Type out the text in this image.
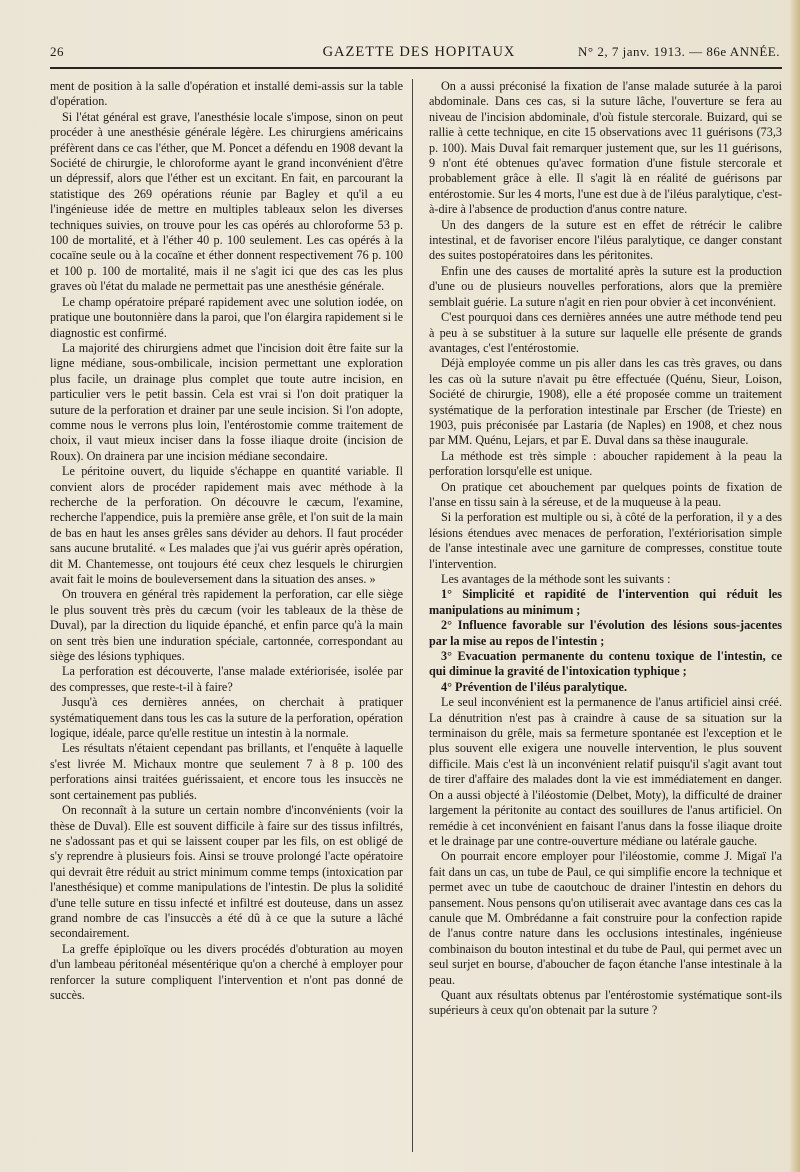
26	GAZETTE DES HOPITAUX	N° 2, 7 janv. 1913. — 86e ANNÉE.

ment de position à la salle d'opération et installé demi-assis sur la table d'opération.

Si l'état général est grave, l'anesthésie locale s'impose, sinon on peut procéder à une anesthésie générale légère. Les chirurgiens américains préfèrent dans ce cas l'éther, que M. Poncet a défendu en 1908 devant la Société de chirurgie, le chloroforme ayant le grand inconvénient d'être un dépressif, alors que l'éther est un excitant. En fait, en parcourant la statistique des 269 opérations réunie par Bagley et qu'il a eu l'ingénieuse idée de mettre en multiples tableaux selon les diverses techniques suivies, on trouve pour les cas opérés au chloroforme 53 p. 100 de mortalité, et à l'éther 40 p. 100 seulement. Les cas opérés à la cocaïne seule ou à la cocaïne et éther donnent respectivement 76 p. 100 et 100 p. 100 de mortalité, mais il ne s'agit ici que des cas les plus graves où l'état du malade ne permettait pas une anesthésie générale.

Le champ opératoire préparé rapidement avec une solution iodée, on pratique une boutonnière dans la paroi, que l'on élargira rapidement si le diagnostic est confirmé.

La majorité des chirurgiens admet que l'incision doit être faite sur la ligne médiane, sous-ombilicale, incision permettant une exploration plus facile, un drainage plus complet que toute autre incision, en particulier vers le petit bassin. Cela est vrai si l'on doit pratiquer la suture de la perforation et drainer par une seule incision. Si l'on adopte, comme nous le verrons plus loin, l'entérostomie comme traitement de choix, il vaut mieux inciser dans la fosse iliaque droite (incision de Roux). On drainera par une incision médiane secondaire.

Le péritoine ouvert, du liquide s'échappe en quantité variable. Il convient alors de procéder rapidement mais avec méthode à la recherche de la perforation. On découvre le cæcum, l'examine, recherche l'appendice, puis la première anse grêle, et l'on suit de la main de bas en haut les anses grêles sans dévider au dehors. Il faut procéder sans aucune brutalité. « Les malades que j'ai vus guérir après opération, dit M. Chantemesse, ont toujours été ceux chez lesquels le chirurgien avait fait le moins de bouleversement dans la situation des anses. »

On trouvera en général très rapidement la perforation, car elle siège le plus souvent très près du cæcum (voir les tableaux de la thèse de Duval), par la direction du liquide épanché, et enfin parce qu'à la main on sent très bien une induration spéciale, cartonnée, correspondant au siège des lésions typhiques.

La perforation est découverte, l'anse malade extériorisée, isolée par des compresses, que reste-t-il à faire?

Jusqu'à ces dernières années, on cherchait à pratiquer systématiquement dans tous les cas la suture de la perforation, opération logique, idéale, parce qu'elle restitue un intestin à la normale.

Les résultats n'étaient cependant pas brillants, et l'enquête à laquelle s'est livrée M. Michaux montre que seulement 7 à 8 p. 100 des perforations ainsi traitées guérissaient, et encore tous les insuccès ne sont certainement pas publiés.

On reconnaît à la suture un certain nombre d'inconvénients (voir la thèse de Duval). Elle est souvent difficile à faire sur des tissus infiltrés, ne s'adossant pas et qui se laissent couper par les fils, on est obligé de s'y reprendre à plusieurs fois. Ainsi se trouve prolongé l'acte opératoire qui devrait être réduit au strict minimum comme temps (intoxication par l'anesthésique) et comme manipulations de l'intestin. De plus la solidité d'une telle suture en tissu infecté et infiltré est douteuse, dans un assez grand nombre de cas l'insuccès a été dû à ce que la suture a lâché secondairement.

La greffe épiploïque ou les divers procédés d'obturation au moyen d'un lambeau péritonéal mésentérique qu'on a cherché à employer pour renforcer la suture compliquent l'intervention et n'ont pas donné de succès.

On a aussi préconisé la fixation de l'anse malade suturée à la paroi abdominale. Dans ces cas, si la suture lâche, l'ouverture se fera au niveau de l'incision abdominale, d'où fistule stercorale. Buizard, qui se rallie à cette technique, en cite 15 observations avec 11 guérisons (73,3 p. 100). Mais Duval fait remarquer justement que, sur les 11 guérisons, 9 n'ont été obtenues qu'avec formation d'une fistule stercorale et probablement grâce à elle. Il s'agit là en réalité de guérisons par entérostomie. Sur les 4 morts, l'une est due à de l'iléus paralytique, c'est-à-dire à l'absence de production d'anus contre nature.

Un des dangers de la suture est en effet de rétrécir le calibre intestinal, et de favoriser encore l'iléus paralytique, ce danger constant des suites postopératoires dans les péritonites.

Enfin une des causes de mortalité après la suture est la production d'une ou de plusieurs nouvelles perforations, alors que la première semblait guérie. La suture n'agit en rien pour obvier à cet inconvénient.

C'est pourquoi dans ces dernières années une autre méthode tend peu à peu à se substituer à la suture sur laquelle elle présente de grands avantages, c'est l'entérostomie.

Déjà employée comme un pis aller dans les cas très graves, ou dans les cas où la suture n'avait pu être effectuée (Quénu, Sieur, Loison, Société de chirurgie, 1908), elle a été proposée comme un traitement systématique de la perforation intestinale par Erscher (de Trieste) en 1903, puis préconisée par Lastaria (de Naples) en 1908, et chez nous par MM. Quénu, Lejars, et par E. Duval dans sa thèse inaugurale.

La méthode est très simple : aboucher rapidement à la peau la perforation lorsqu'elle est unique.

On pratique cet abouchement par quelques points de fixation de l'anse en tissu sain à la séreuse, et de la muqueuse à la peau.

Si la perforation est multiple ou si, à côté de la perforation, il y a des lésions étendues avec menaces de perforation, l'extériorisation simple de l'anse intestinale avec une garniture de compresses, constitue toute l'intervention.

Les avantages de la méthode sont les suivants :

1° Simplicité et rapidité de l'intervention qui réduit les manipulations au minimum ;

2° Influence favorable sur l'évolution des lésions sous-jacentes par la mise au repos de l'intestin ;

3° Evacuation permanente du contenu toxique de l'intestin, ce qui diminue la gravité de l'intoxication typhique ;

4° Prévention de l'iléus paralytique.

Le seul inconvénient est la permanence de l'anus artificiel ainsi créé. La dénutrition n'est pas à craindre à cause de sa situation sur la terminaison du grêle, mais sa fermeture spontanée est l'exception et le plus souvent elle exigera une nouvelle intervention, le plus souvent difficile. Mais c'est là un inconvénient relatif puisqu'il s'agit avant tout de tirer d'affaire des malades dont la vie est immédiatement en danger. On a aussi objecté à l'iléostomie (Delbet, Moty), la difficulté de drainer largement la péritonite au contact des souillures de l'anus artificiel. On remédie à cet inconvénient en faisant l'anus dans la fosse iliaque droite et le drainage par une contre-ouverture médiane ou latérale gauche.

On pourrait encore employer pour l'iléostomie, comme J. Migaï l'a fait dans un cas, un tube de Paul, ce qui simplifie encore la technique et permet avec un tube de caoutchouc de drainer l'intestin en dehors du pansement. Nous pensons qu'on utiliserait avec avantage dans ces cas la canule que M. Ombrédanne a fait construire pour la confection rapide de l'anus contre nature dans les occlusions intestinales, ingénieuse combinaison du bouton intestinal et du tube de Paul, qui permet avec un seul surjet en bourse, d'aboucher de façon étanche l'anse intestinale à la peau.

Quant aux résultats obtenus par l'entérostomie systématique sont-ils supérieurs à ceux qu'on obtenait par la suture ?
